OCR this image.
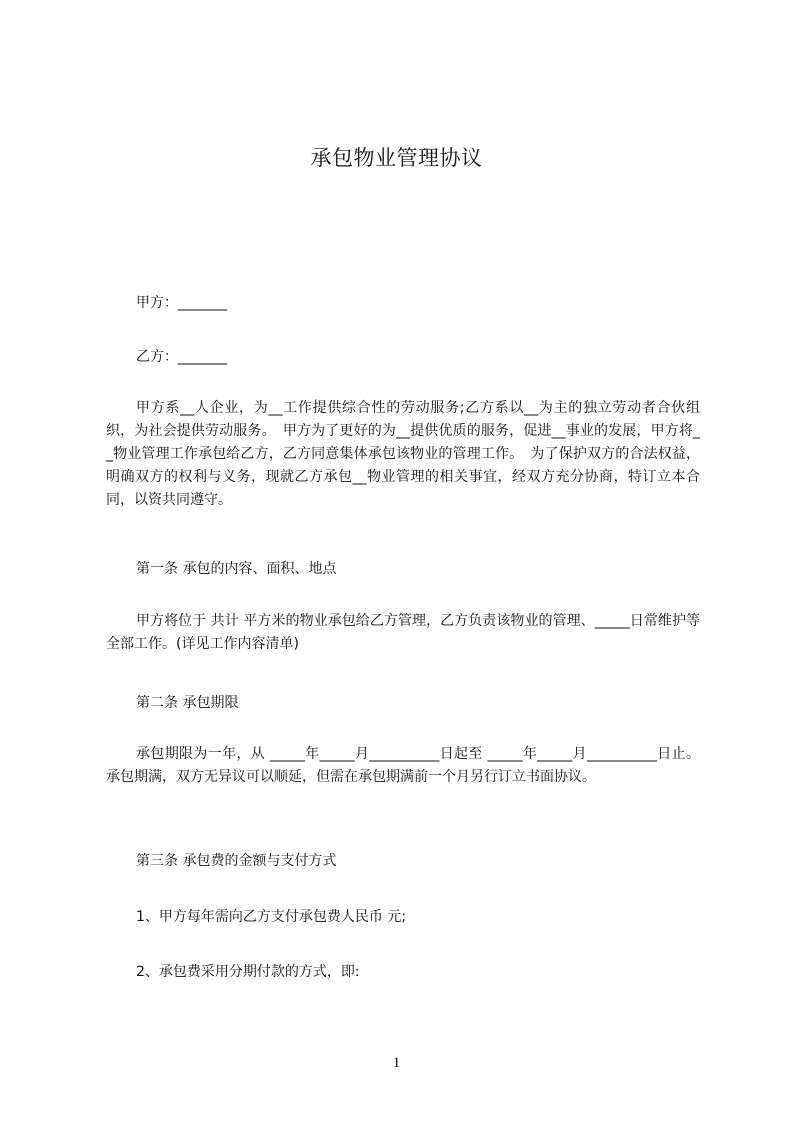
承包物业管理协议
甲方：_______
乙方：_______
甲方系__人企业，为__工作提供综合性的劳动服务;乙方系以__为主的独立劳动者合伙组织，为社会提供劳动服务。　甲方为了更好的为__提供优质的服务，促进__事业的发展，甲方将__物业管理工作承包给乙方，乙方同意集体承包该物业的管理工作。　为了保护双方的合法权益，明确双方的权利与义务，现就乙方承包__物业管理的相关事宜，经双方充分协商，特订立本合同，以资共同遵守。
第一条 承包的内容、面积、地点
甲方将位于 共计 平方米的物业承包给乙方管理，乙方负责该物业的管理、_____日常维护等全部工作。(详见工作内容清单)
第二条 承包期限
承包期限为一年，从 _____年_____月__________日起至 _____年_____月__________日止。承包期满，双方无异议可以顺延，但需在承包期满前一个月另行订立书面协议。
第三条 承包费的金额与支付方式
1、甲方每年需向乙方支付承包费人民币 元;
2、承包费采用分期付款的方式，即:
1
